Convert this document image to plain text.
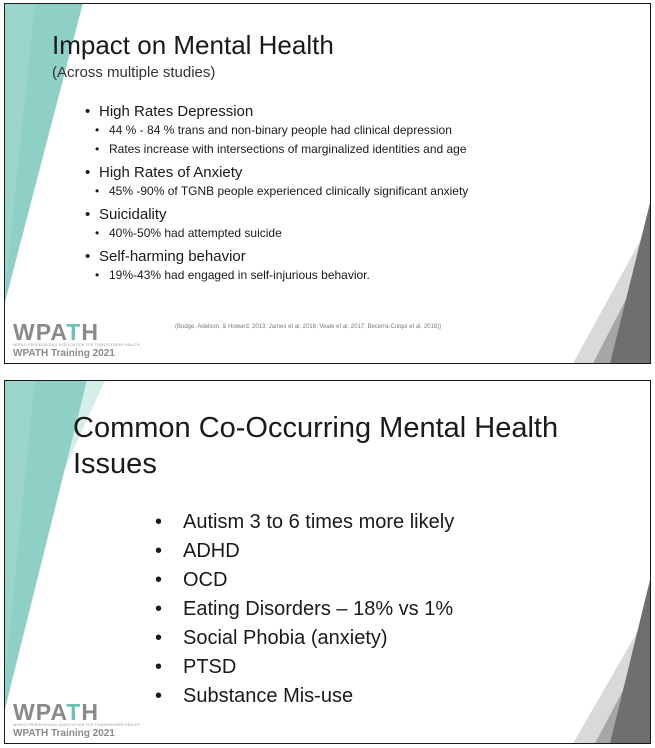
Impact on Mental Health
(Across multiple studies)
• High Rates Depression
• 44 % - 84 % trans and non-binary people had clinical depression
• Rates increase with intersections of marginalized identities and age
• High Rates of Anxiety
• 45% -90% of TGNB people experienced clinically significant anxiety
• Suicidality
• 40%-50% had attempted suicide
• Self-harming behavior
• 19%-43% had engaged in self-injurious behavior.
(Budge, Adelson, & Howard, 2013; James et al, 2016; Veale et al, 2017; Becerra-Culqui et al, 2018))
WPATH
WORLD PROFESSIONAL ASSOCIATION FOR TRANSGENDER HEALTH
WPATH Training 2021
Common Co-Occurring Mental Health Issues
• Autism 3 to 6 times more likely
• ADHD
• OCD
• Eating Disorders – 18% vs 1%
• Social Phobia (anxiety)
• PTSD
• Substance Mis-use
WPATH
WORLD PROFESSIONAL ASSOCIATION FOR TRANSGENDER HEALTH
WPATH Training 2021
